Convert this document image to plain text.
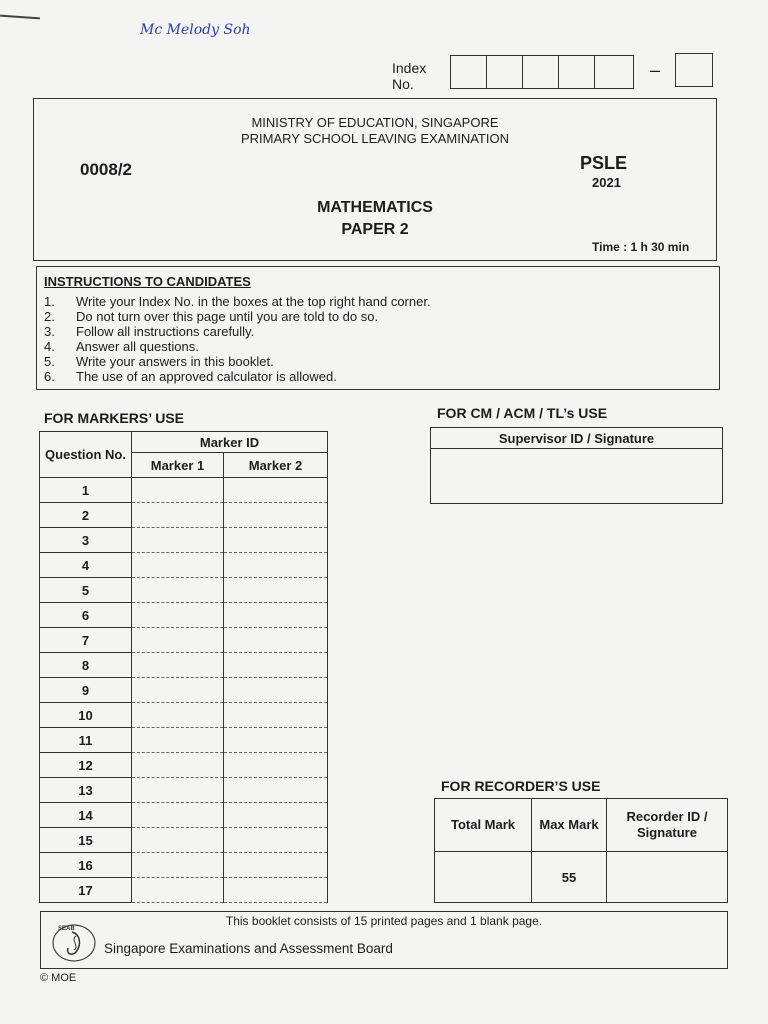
Mc Melody Soh
Index
No.
–
MINISTRY OF EDUCATION, SINGAPORE
PRIMARY SCHOOL LEAVING EXAMINATION
0008/2	PSLE
2021
MATHEMATICS
PAPER 2
Time : 1 h 30 min
INSTRUCTIONS TO CANDIDATES
1.	Write your Index No. in the boxes at the top right hand corner.
2.	Do not turn over this page until you are told to do so.
3.	Follow all instructions carefully.
4.	Answer all questions.
5.	Write your answers in this booklet.
6.	The use of an approved calculator is allowed.
FOR MARKERS’ USE
Question No.	Marker ID	
	Marker 1	Marker 2
1		
2		
3		
4		
5		
6		
7		
8		
9		
10		
11		
12		
13		
14		
15		
16		
17		
FOR CM / ACM / TL’s USE
Supervisor ID / Signature

FOR RECORDER’S USE
Total Mark	Max Mark	Recorder ID / Signature
	55	
This booklet consists of 15 printed pages and 1 blank page.
SEAB
Singapore Examinations and Assessment Board
© MOE
